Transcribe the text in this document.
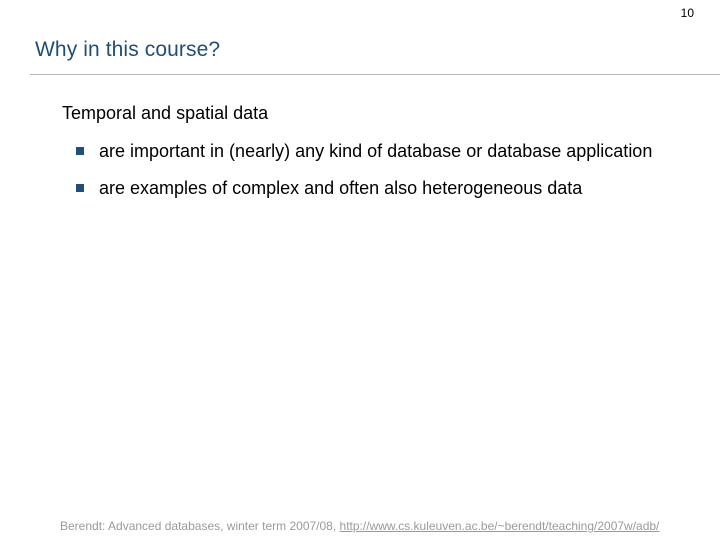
10
Why in this course?
Temporal and spatial data
are important in (nearly) any kind of database or database application
are examples of complex and often also heterogeneous data
Berendt: Advanced databases, winter term 2007/08, http://www.cs.kuleuven.ac.be/~berendt/teaching/2007w/adb/
